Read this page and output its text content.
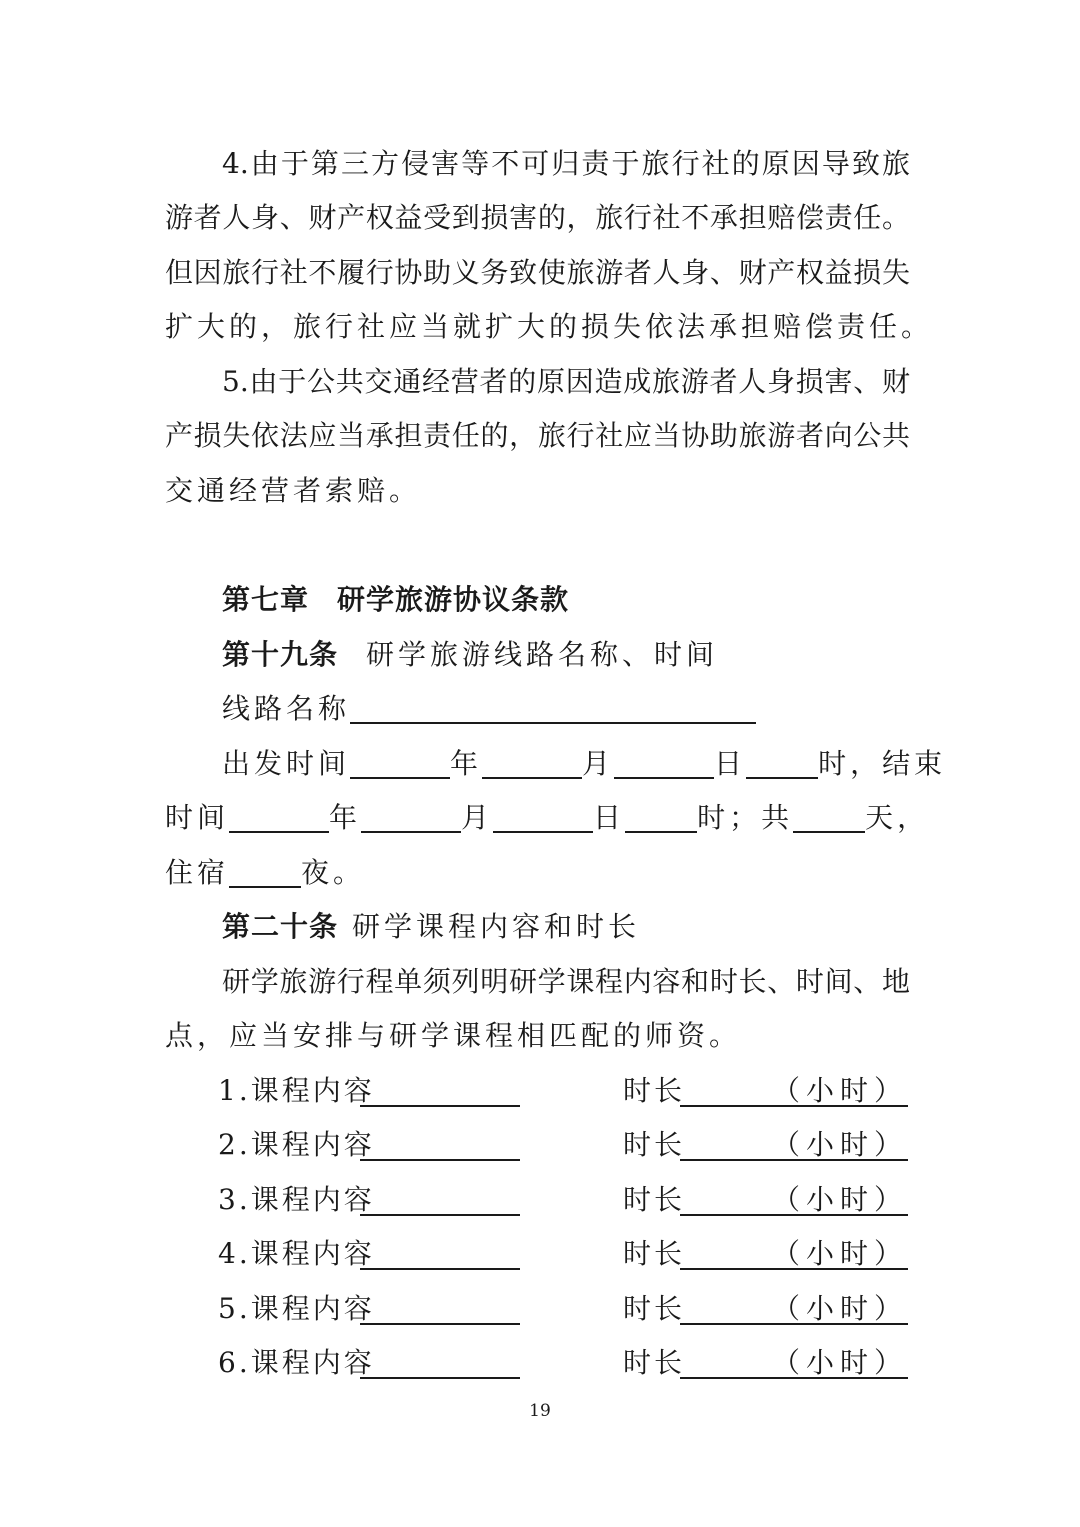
4.由于第三方侵害等不可归责于旅行社的原因导致旅
游者人身、财产权益受到损害的，旅行社不承担赔偿责任。
但因旅行社不履行协助义务致使旅游者人身、财产权益损失
扩大的，旅行社应当就扩大的损失依法承担赔偿责任。
5.由于公共交通经营者的原因造成旅游者人身损害、财
产损失依法应当承担责任的，旅行社应当协助旅游者向公共
交通经营者索赔。
第七章 研学旅游协议条款
第十九条 研学旅游线路名称、时间
线路名称
出发时间	年	月	日	时，结束
时间	年	月	日	时；共	天，
住宿	夜。
第二十条 研学课程内容和时长
研学旅游行程单须列明研学课程内容和时长、时间、地
点，应当安排与研学课程相匹配的师资。
1.课程内容	时长	（小时）
2.课程内容	时长	（小时）
3.课程内容	时长	（小时）
4.课程内容	时长	（小时）
5.课程内容	时长	（小时）
6.课程内容	时长	（小时）
19
